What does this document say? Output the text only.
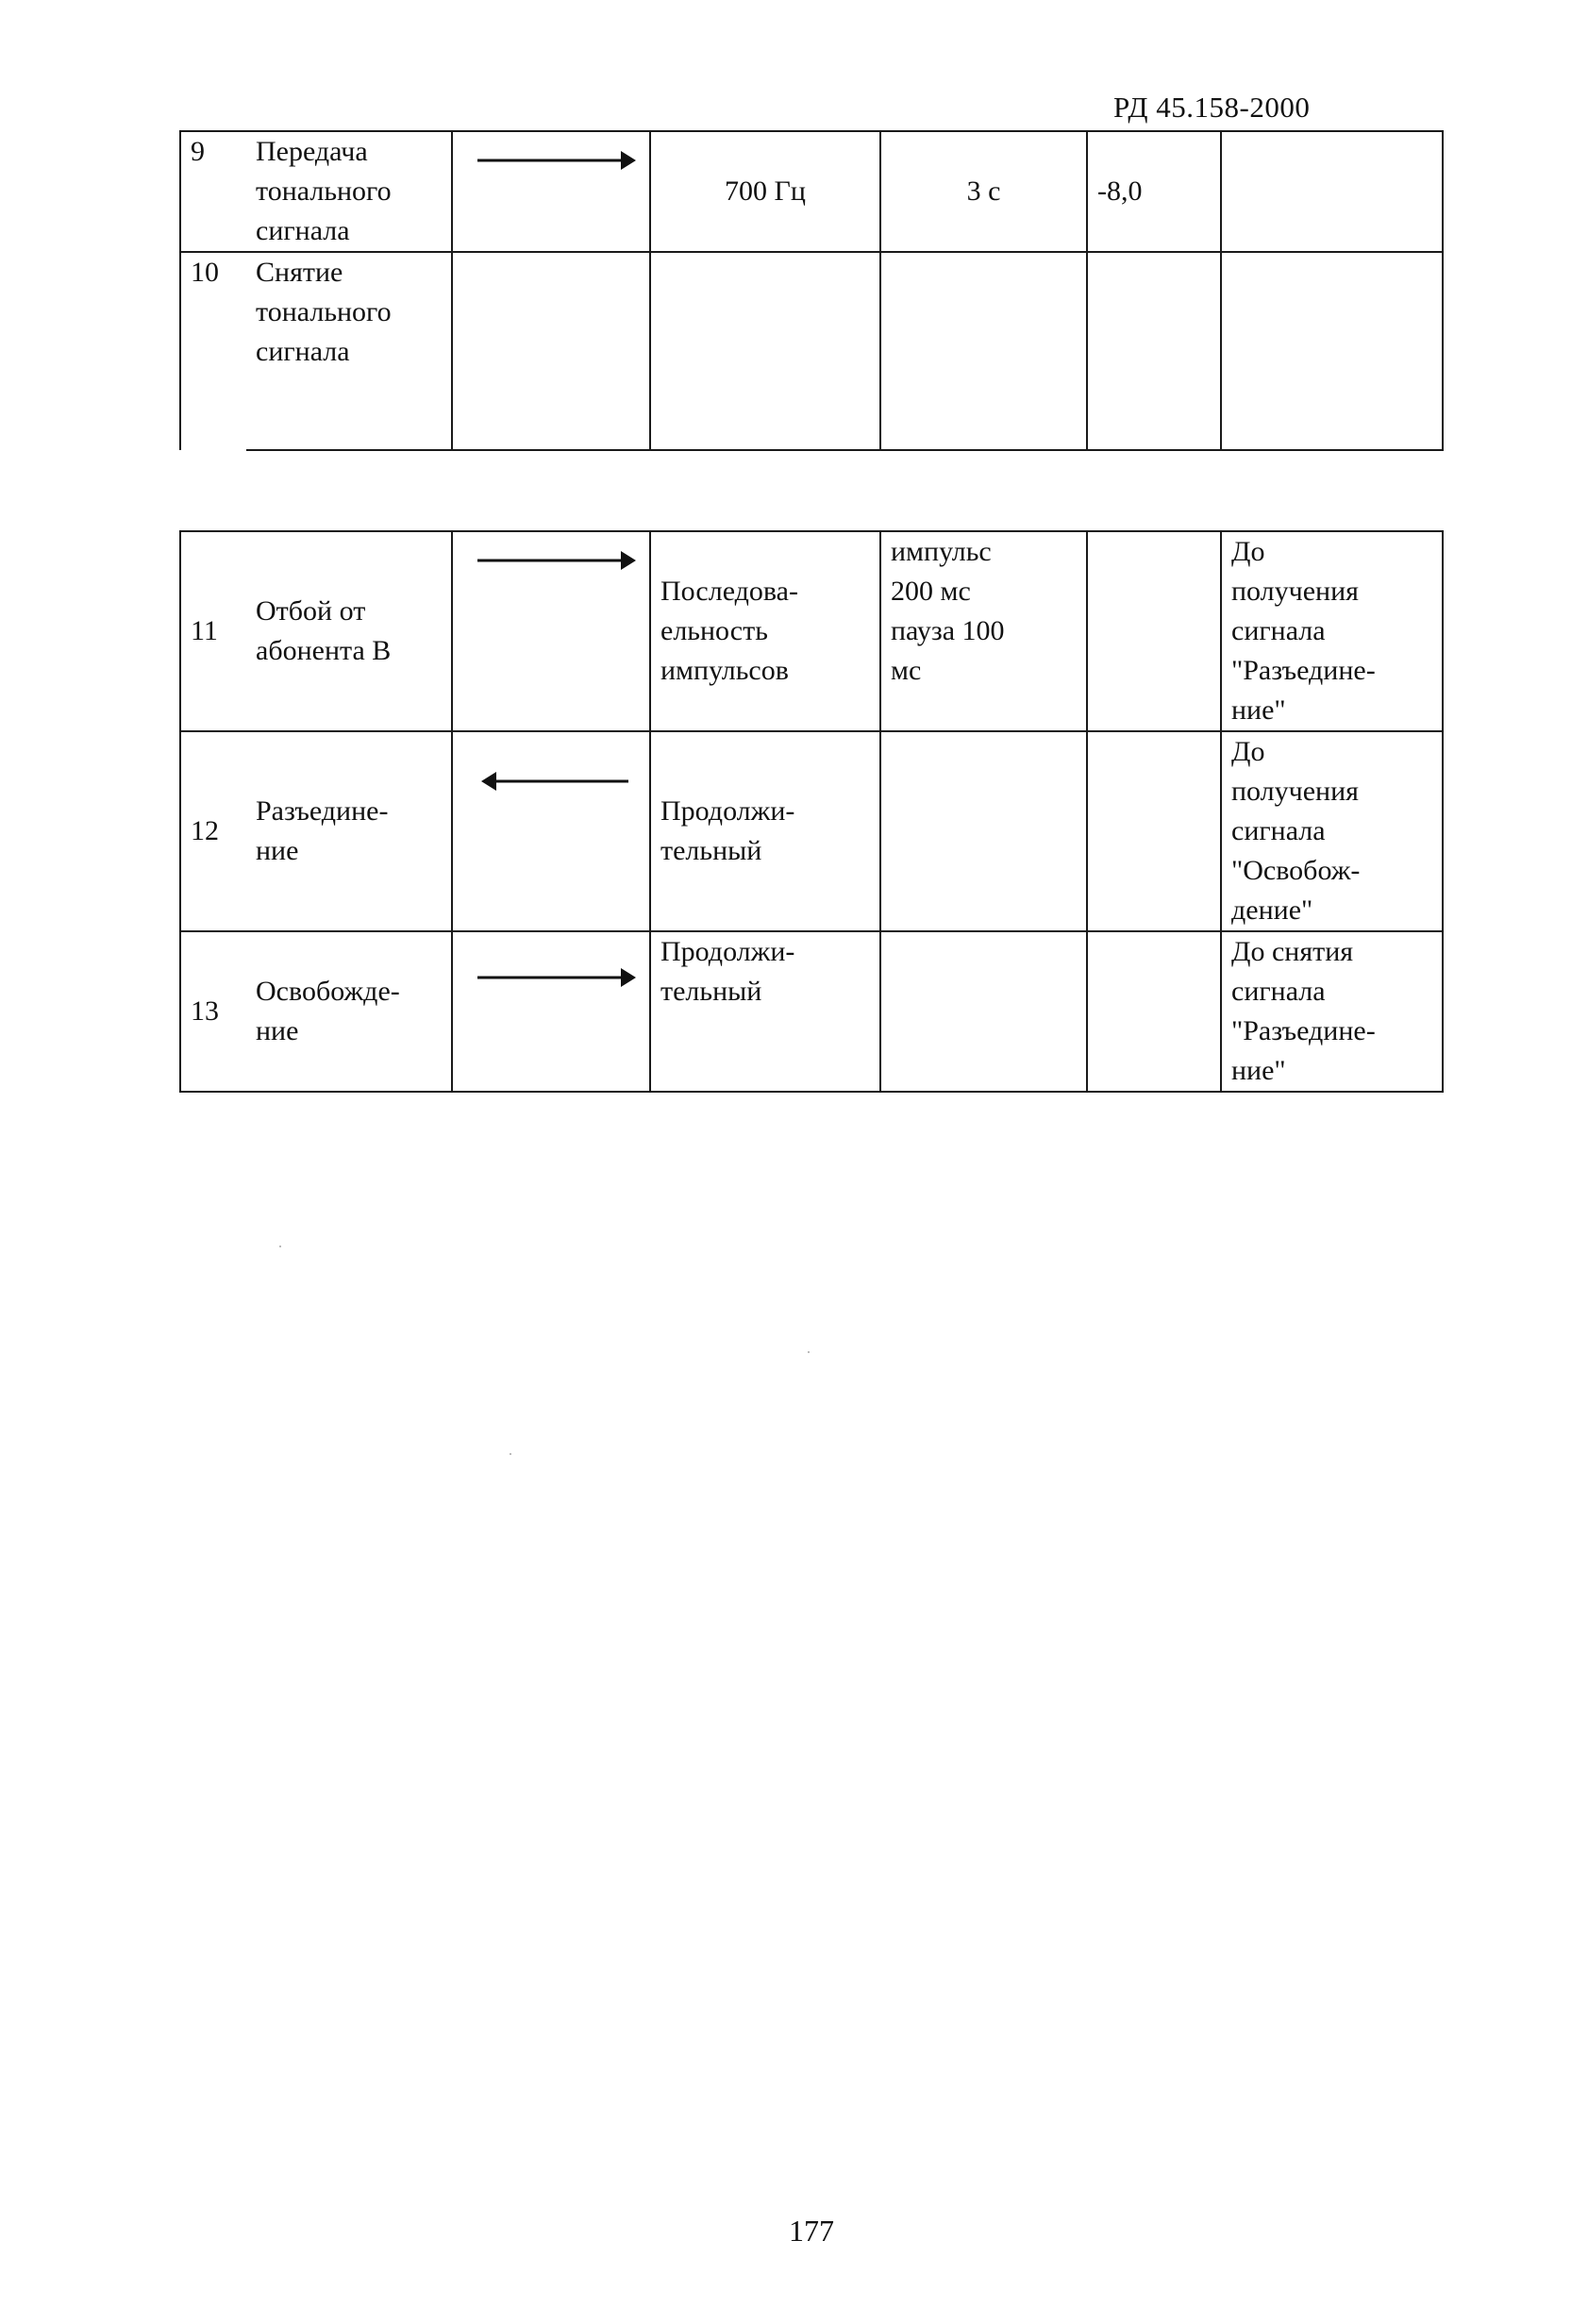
РД 45.158-2000
9	Передача
тонального
сигнала		700 Гц	3 с	-8,0	
10	Снятие
тонального
сигнала					
11	Отбой от
абонента В		Последова-
ельность
импульсов	импульс
200 мс
пауза 100
мс		До
получения
сигнала
"Разъедине-
ние"
12	Разъедине-
ние		Продолжи-
тельный			До
получения
сигнала
"Освобож-
дение"
13	Освобожде-
ние		Продолжи-
тельный			До снятия
сигнала
"Разъедине-
ние"
177
